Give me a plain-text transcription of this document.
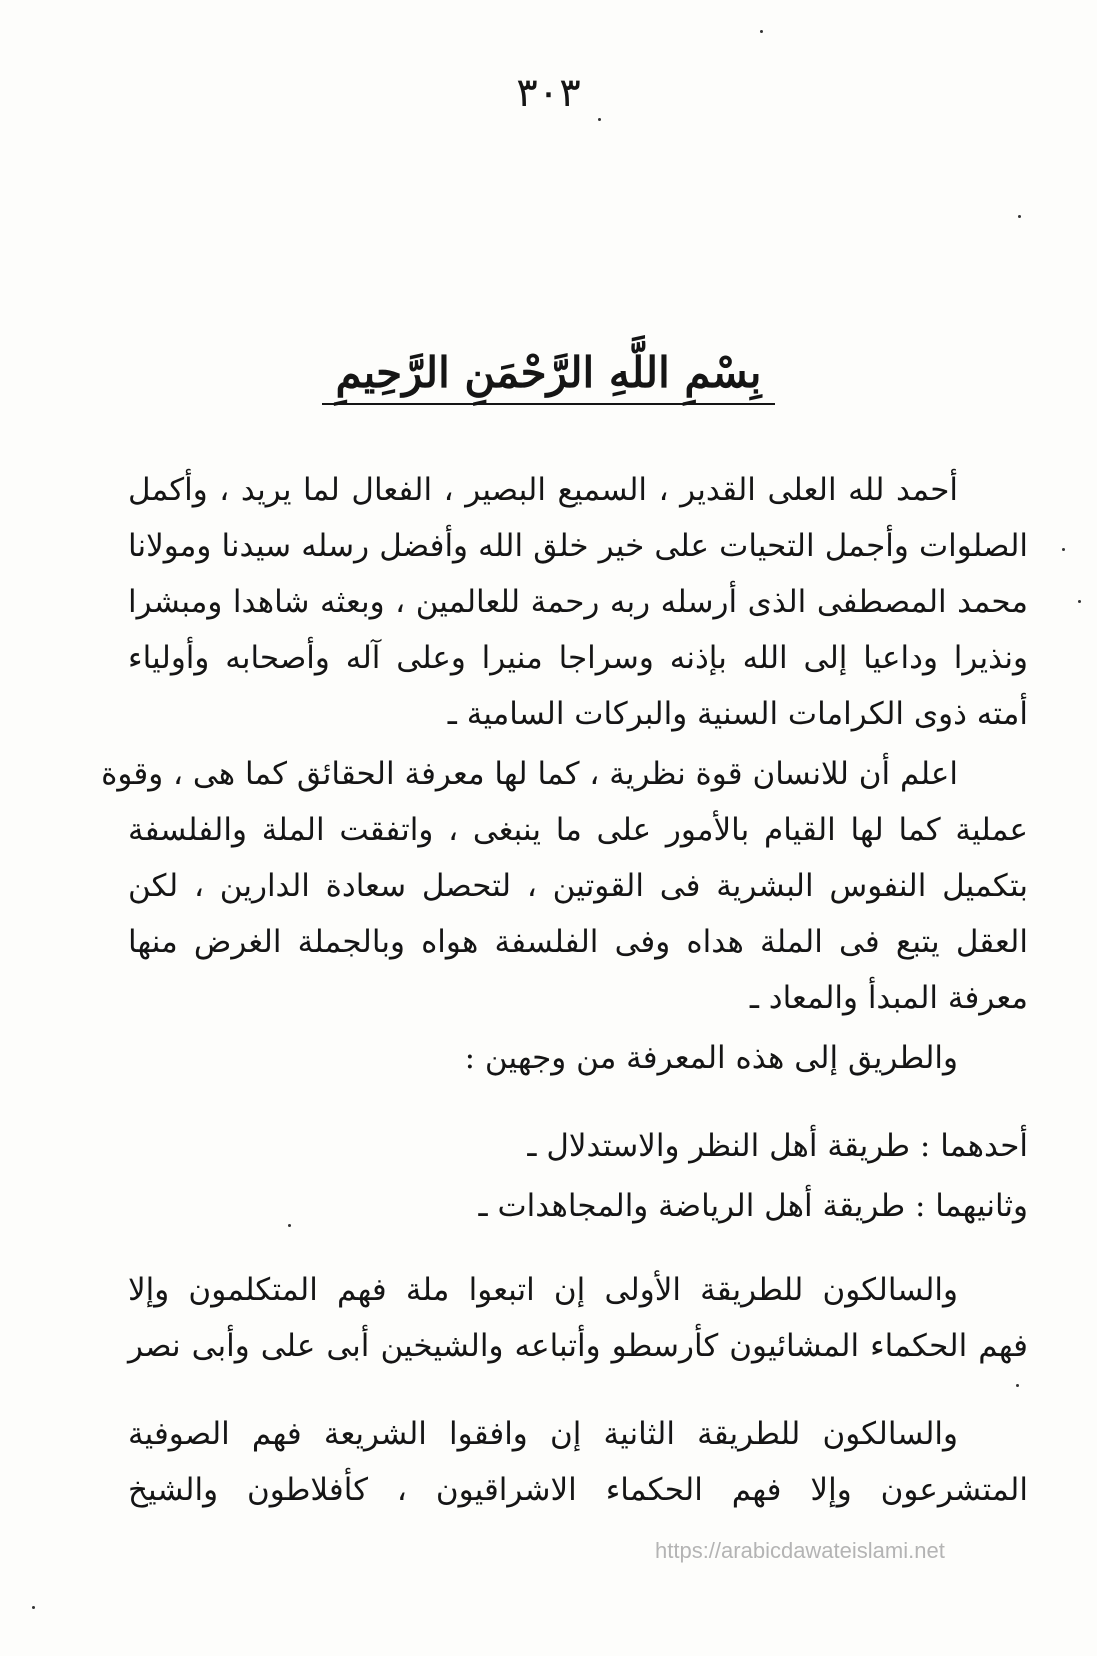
٣٠٣
بِسْمِ اللَّهِ الرَّحْمَنِ الرَّحِيمِ
أحمد لله العلى القدير ، السميع البصير ، الفعال لما يريد ، وأكمل
الصلوات وأجمل التحيات على خير خلق الله وأفضل رسله سيدنا ومولانا
محمد المصطفى الذى أرسله ربه رحمة للعالمين ، وبعثه شاهدا ومبشرا
ونذيرا وداعيا إلى الله بإذنه وسراجا منيرا وعلى آله وأصحابه وأولياء
أمته ذوى الكرامات السنية والبركات السامية ـ
اعلم أن للانسان قوة نظرية ، كما لها معرفة الحقائق كما هى ، وقوة
عملية كما لها القيام بالأمور على ما ينبغى ، واتفقت الملة والفلسفة
بتكميل النفوس البشرية فى القوتين ، لتحصل سعادة الدارين ، لكن
العقل يتبع فى الملة هداه وفى الفلسفة هواه وبالجملة الغرض منها
معرفة المبدأ والمعاد ـ
والطريق إلى هذه المعرفة من وجهين :
أحدهما : طريقة أهل النظر والاستدلال ـ
وثانيهما : طريقة أهل الرياضة والمجاهدات ـ
والسالكون للطريقة الأولى إن اتبعوا ملة فهم المتكلمون وإلا
فهم الحكماء المشائيون كأرسطو وأتباعه والشيخين أبى على وأبى نصر
والسالكون للطريقة الثانية إن وافقوا الشريعة فهم الصوفية
المتشرعون وإلا فهم الحكماء الاشراقيون ، كأفلاطون والشيخ
https://arabicdawateislami.net
